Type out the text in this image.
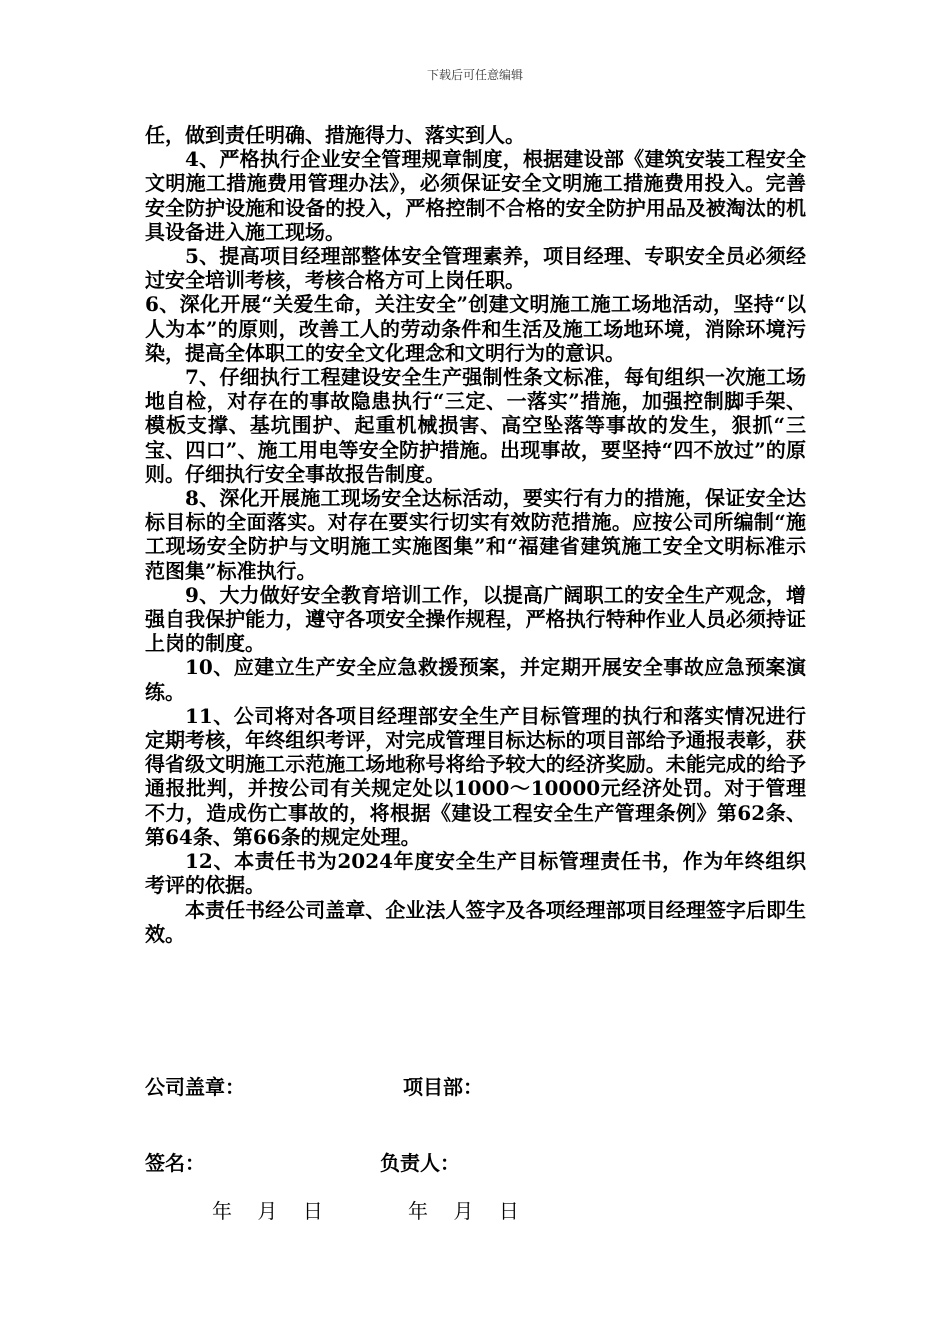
下载后可任意编辑

任，做到责任明确、措施得力、落实到人。

4、严格执行企业安全管理规章制度，根据建设部《建筑安装工程安全文明施工措施费用管理办法》，必须保证安全文明施工措施费用投入。完善安全防护设施和设备的投入，严格控制不合格的安全防护用品及被淘汰的机具设备进入施工现场。

5、提高项目经理部整体安全管理素养，项目经理、专职安全员必须经过安全培训考核，考核合格方可上岗任职。

6、深化开展“关爱生命，关注安全”创建文明施工施工场地活动，坚持“以人为本”的原则，改善工人的劳动条件和生活及施工场地环境，消除环境污染，提高全体职工的安全文化理念和文明行为的意识。

7、仔细执行工程建设安全生产强制性条文标准，每旬组织一次施工场地自检，对存在的事故隐患执行“三定、一落实”措施，加强控制脚手架、模板支撑、基坑围护、起重机械损害、高空坠落等事故的发生，狠抓“三宝、四口”、施工用电等安全防护措施。出现事故，要坚持“四不放过”的原则。仔细执行安全事故报告制度。

8、深化开展施工现场安全达标活动，要实行有力的措施，保证安全达标目标的全面落实。对存在要实行切实有效防范措施。应按公司所编制“施工现场安全防护与文明施工实施图集”和“福建省建筑施工安全文明标准示范图集”标准执行。

9、大力做好安全教育培训工作，以提高广阔职工的安全生产观念，增强自我保护能力，遵守各项安全操作规程，严格执行特种作业人员必须持证上岗的制度。

10、应建立生产安全应急救援预案，并定期开展安全事故应急预案演练。

11、公司将对各项目经理部安全生产目标管理的执行和落实情况进行定期考核，年终组织考评，对完成管理目标达标的项目部给予通报表彰，获得省级文明施工示范施工场地称号将给予较大的经济奖励。未能完成的给予通报批判，并按公司有关规定处以1000～10000元经济处罚。对于管理不力，造成伤亡事故的，将根据《建设工程安全生产管理条例》第62条、第64条、第66条的规定处理。

12、本责任书为2024年度安全生产目标管理责任书，作为年终组织考评的依据。

本责任书经公司盖章、企业法人签字及各项经理部项目经理签字后即生效。

公司盖章：	项目部：
签名：	负责人：
年    月    日	年    月    日
